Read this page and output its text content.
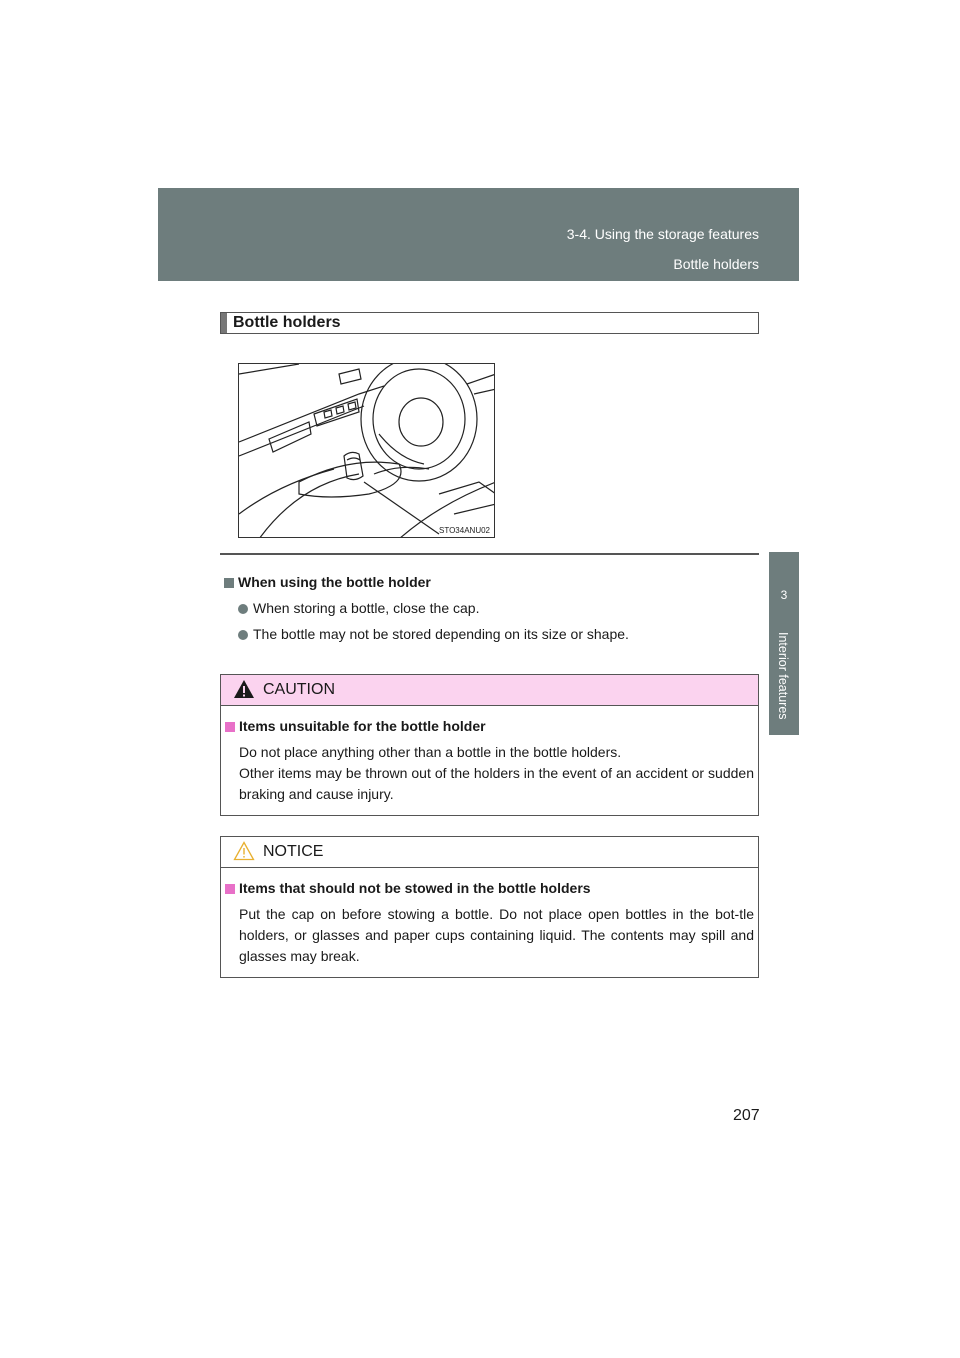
3-4. Using the storage features
Bottle holders
3
Interior features
Bottle holders
STO34ANU02
When using the bottle holder
When storing a bottle, close the cap.
The bottle may not be stored depending on its size or shape.
CAUTION
Items unsuitable for the bottle holder
Do not place anything other than a bottle in the bottle holders.
Other items may be thrown out of the holders in the event of an accident or sudden braking and cause injury.
NOTICE
Items that should not be stowed in the bottle holders
Put the cap on before stowing a bottle. Do not place open bottles in the bot-tle holders, or glasses and paper cups containing liquid. The contents may spill and glasses may break.
207
